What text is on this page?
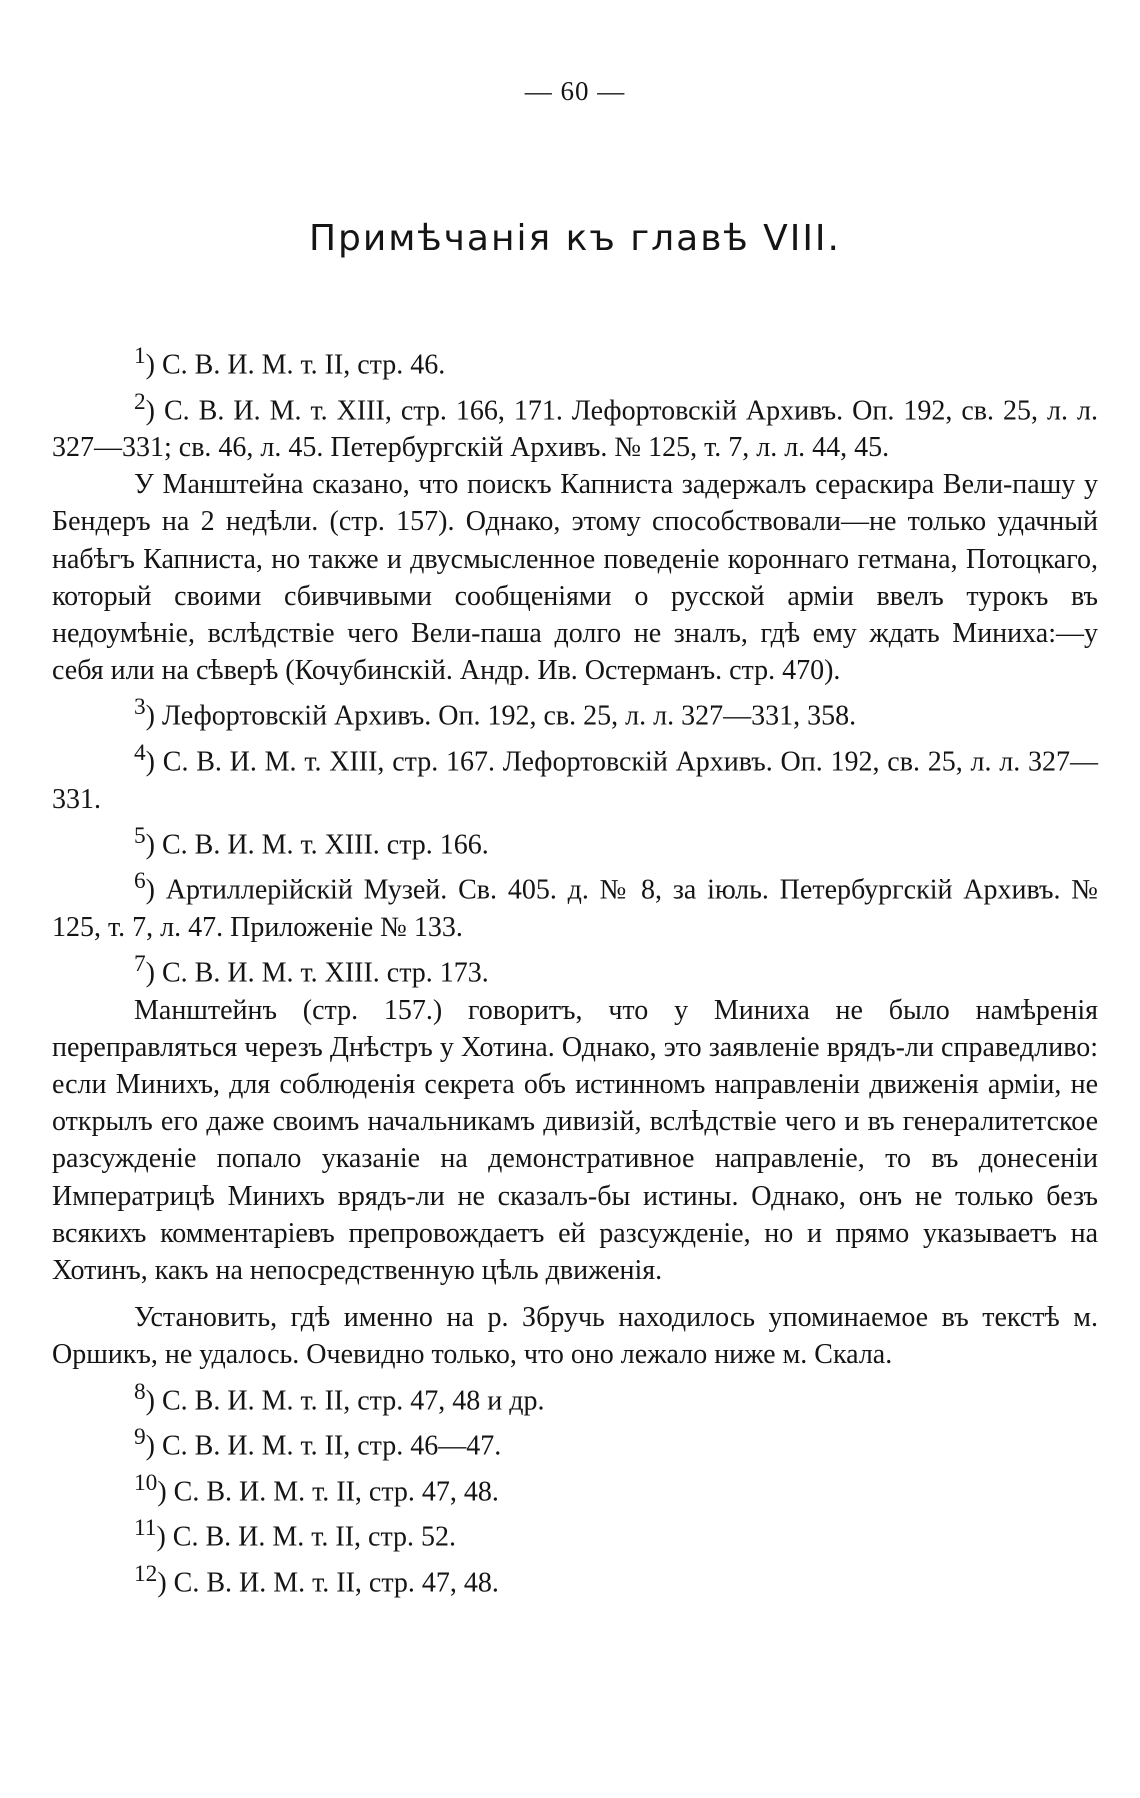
— 60 —
Примѣчанія къ главѣ VIII.

$^1$) С. В. И. М. т. II, стр. 46.

$^2$) С. В. И. М. т. XIII, стр. 166, 171. Лефортовскій Архивъ. Оп. 192, св. 25, л. л. 327—331; св. 46, л. 45. Петербургскій Архивъ. № 125, т. 7, л. л. 44, 45.

У Манштейна сказано, что поискъ Капниста задержалъ сераскира Вели-пашу у Бендеръ на 2 недѣли. (стр. 157). Однако, этому способствовали—не только удачный набѣгъ Капниста, но также и двусмысленное поведеніе короннаго гетмана, Потоцкаго, который своими сбивчивыми сообщеніями о русской арміи ввелъ турокъ въ недоумѣніе, вслѣдствіе чего Вели-паша долго не зналъ, гдѣ ему ждать Миниха:—у себя или на сѣверѣ (Кочубинскій. Андр. Ив. Остерманъ. стр. 470).

$^3$) Лефортовскій Архивъ. Оп. 192, св. 25, л. л. 327—331, 358.

$^4$) С. В. И. М. т. XIII, стр. 167. Лефортовскій Архивъ. Оп. 192, св. 25, л. л. 327—331.

$^5$) С. В. И. М. т. XIII. стр. 166.

$^6$) Артиллерійскій Музей. Св. 405. д. № 8, за іюль. Петербургскій Архивъ. № 125, т. 7, л. 47. Приложеніе № 133.

$^7$) С. В. И. М. т. XIII. стр. 173.

Манштейнъ (стр. 157.) говоритъ, что у Миниха не было намѣренія переправляться черезъ Днѣстръ у Хотина. Однако, это заявленіе врядъ-ли справедливо: если Минихъ, для соблюденія секрета объ истинномъ направленіи движенія арміи, не открылъ его даже своимъ начальникамъ дивизій, вслѣдствіе чего и въ генералитетское разсужденіе попало указаніе на демонстративное направленіе, то въ донесеніи Императрицѣ Минихъ врядъ-ли не сказалъ-бы истины. Однако, онъ не только безъ всякихъ комментаріевъ препровождаетъ ей разсужденіе, но и прямо указываетъ на Хотинъ, какъ на непосредственную цѣль движенія.

Установить, гдѣ именно на р. Збручь находилось упоминаемое въ текстѣ м. Оршикъ, не удалось. Очевидно только, что оно лежало ниже м. Скала.

$^8$) С. В. И. М. т. II, стр. 47, 48 и др.

$^9$) С. В. И. М. т. II, стр. 46—47.

$^{10}$) С. В. И. М. т. II, стр. 47, 48.

$^{11}$) С. В. И. М. т. II, стр. 52.

$^{12}$) С. В. И. М. т. II, стр. 47, 48.
